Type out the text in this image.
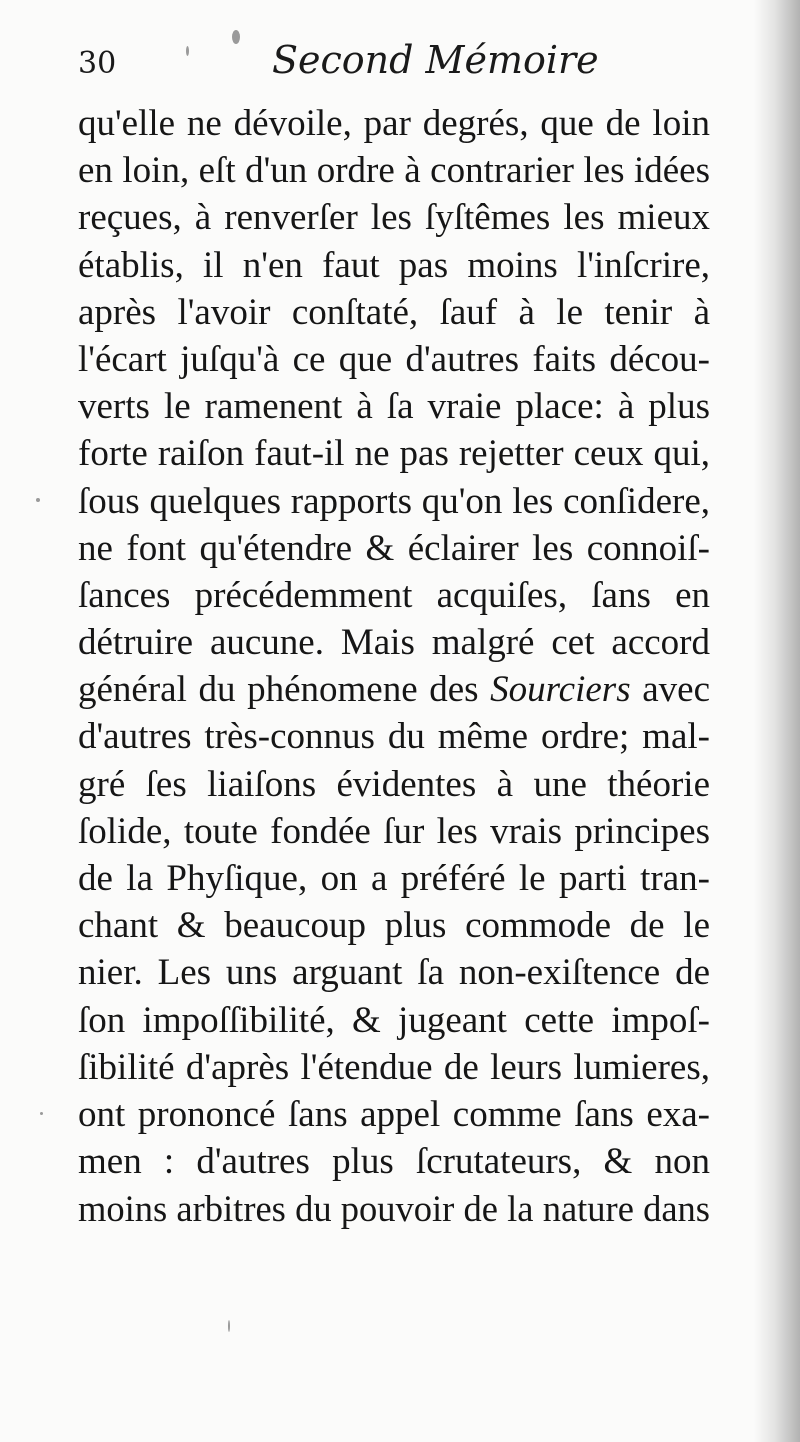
30	Second Mémoire
qu'elle ne dévoile, par degrés, que de loin
en loin, eſt d'un ordre à contrarier les idées
reçues, à renverſer les ſyſtêmes les mieux
établis, il n'en faut pas moins l'inſcrire,
après l'avoir conſtaté, ſauf à le tenir à
l'écart juſqu'à ce que d'autres faits décou-
verts le ramenent à ſa vraie place: à plus
forte raiſon faut-il ne pas rejetter ceux qui,
ſous quelques rapports qu'on les conſidere,
ne font qu'étendre & éclairer les connoiſ-
ſances précédemment acquiſes, ſans en
détruire aucune. Mais malgré cet accord
général du phénomene des Sourciers avec
d'autres très-connus du même ordre; mal-
gré ſes liaiſons évidentes à une théorie
ſolide, toute fondée ſur les vrais principes
de la Phyſique, on a préféré le parti tran-
chant & beaucoup plus commode de le
nier. Les uns arguant ſa non-exiſtence de
ſon impoſſibilité, & jugeant cette impoſ-
ſibilité d'après l'étendue de leurs lumieres,
ont prononcé ſans appel comme ſans exa-
men : d'autres plus ſcrutateurs, & non
moins arbitres du pouvoir de la nature dans
